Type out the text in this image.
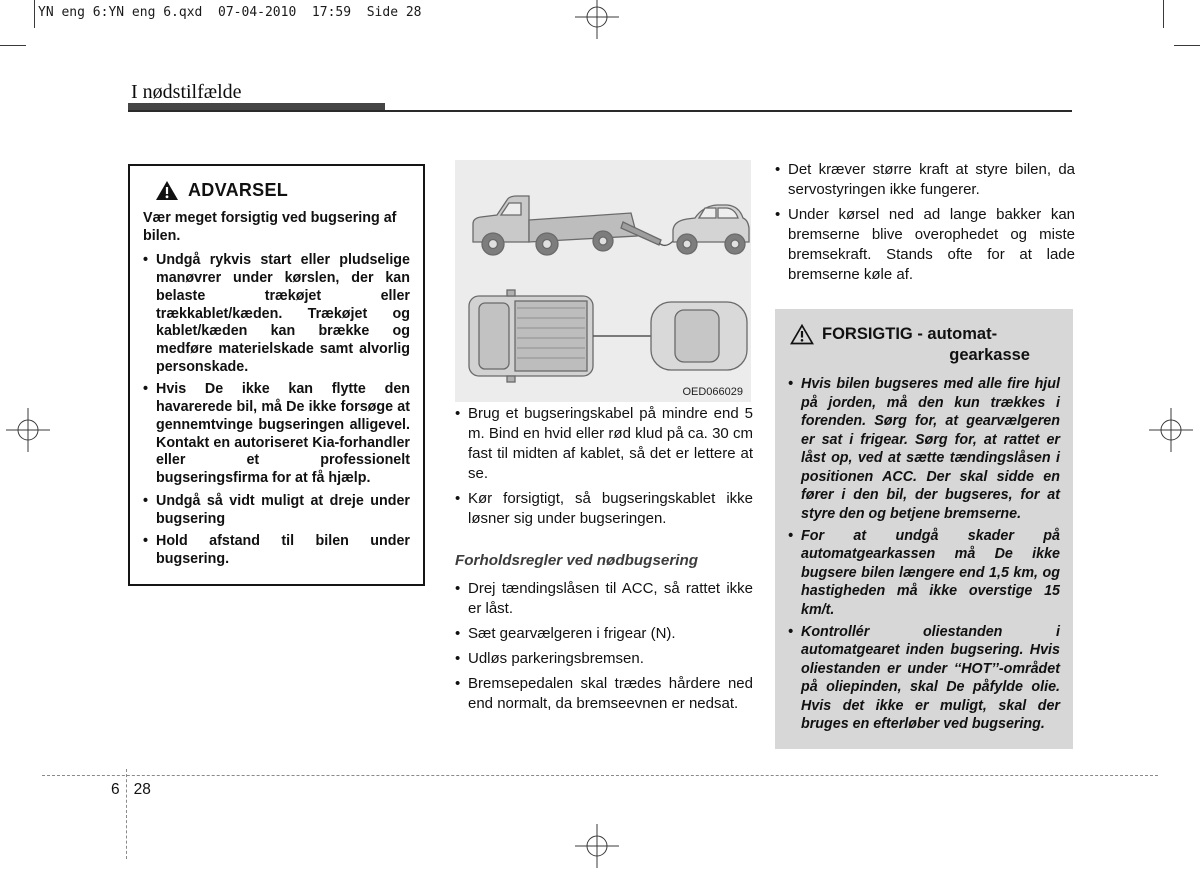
YN eng 6:YN eng 6.qxd  07-04-2010  17:59  Side 28
I nødstilfælde
ADVARSEL

Vær meget forsigtig ved bugsering af bilen.

• Undgå rykvis start eller pludselige manøvrer under kørslen, der kan belaste trækøjet eller trækkablet/kæden. Trækøjet og kablet/kæden kan brække og medføre materielskade samt alvorlig personskade.
• Hvis De ikke kan flytte den havarerede bil, må De ikke forsøge at gennemtvinge bugseringen alligevel. Kontakt en autoriseret Kia-forhandler eller et professionelt bugseringsfirma for at få hjælp.
• Undgå så vidt muligt at dreje under bugsering
• Hold afstand til bilen under bugsering.
OED066029
• Brug et bugseringskabel på mindre end 5 m. Bind en hvid eller rød klud på ca. 30 cm fast til midten af kablet, så det er lettere at se.
• Kør forsigtigt, så bugseringskablet ikke løsner sig under bugseringen.
Forholdsregler ved nødbugsering
• Drej tændingslåsen til ACC, så rattet ikke er låst.
• Sæt gearvælgeren i frigear (N).
• Udløs parkeringsbremsen.
• Bremsepedalen skal trædes hårdere ned end normalt, da bremseevnen er nedsat.
• Det kræver større kraft at styre bilen, da servostyringen ikke fungerer.
• Under kørsel ned ad lange bakker kan bremserne blive overophedet og miste bremsekraft. Stands ofte for at lade bremserne køle af.
FORSIGTIG - automat-
gearkasse
• Hvis bilen bugseres med alle fire hjul på jorden, må den kun trækkes i forenden. Sørg for, at gearvælgeren er sat i frigear. Sørg for, at rattet er låst op, ved at sætte tændingslåsen i positionen ACC. Der skal sidde en fører i den bil, der bugseres, for at styre den og betjene bremserne.
• For at undgå skader på automatgearkassen må De ikke bugsere bilen længere end 1,5 km, og hastigheden må ikke overstige 15 km/t.
• Kontrollér oliestanden i automatgearet inden bugsering. Hvis oliestanden er under ‘‘HOT’’-området på oliepinden, skal De påfylde olie. Hvis det ikke er muligt, skal der bruges en efterløber ved bugsering.
6 28
